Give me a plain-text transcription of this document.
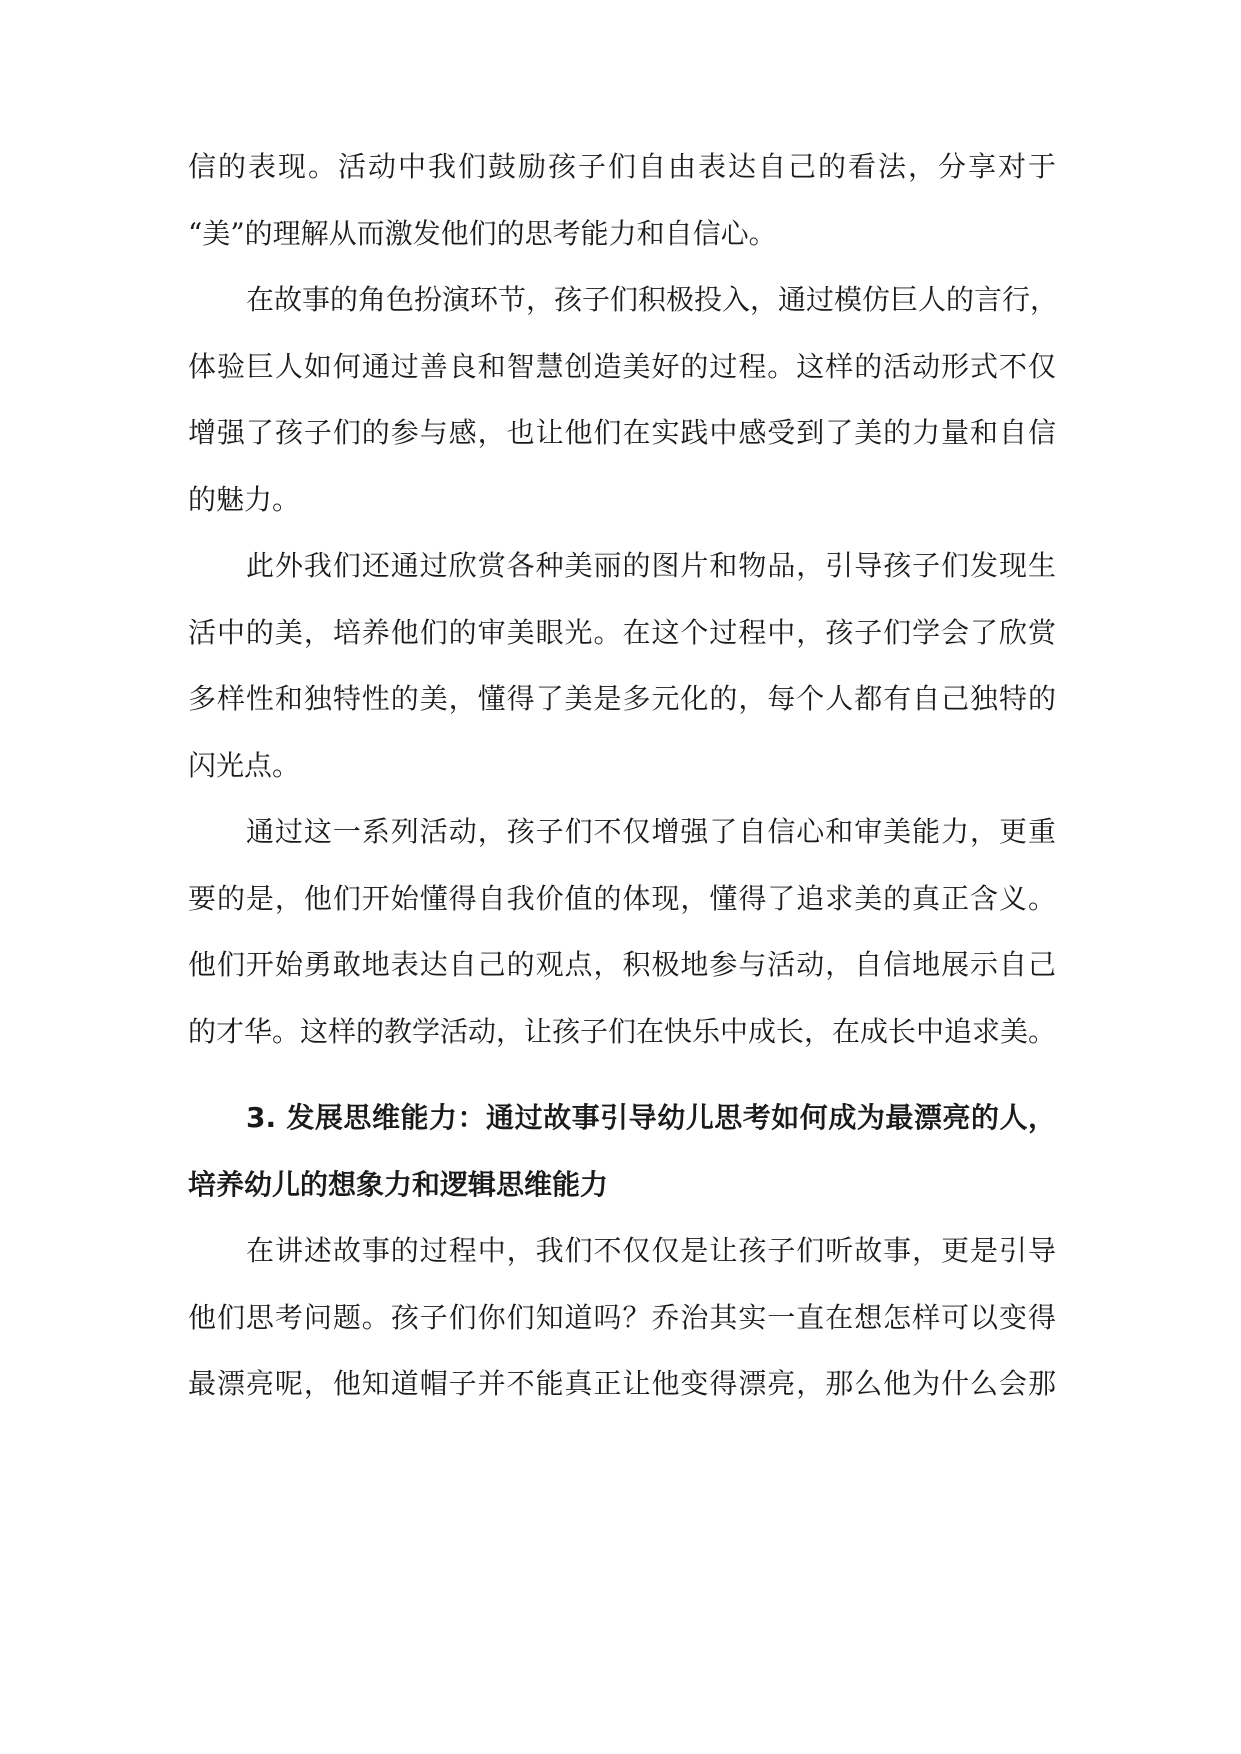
信的表现。活动中我们鼓励孩子们自由表达自己的看法，分享对于
“美”的理解从而激发他们的思考能力和自信心。
在故事的角色扮演环节，孩子们积极投入，通过模仿巨人的言行，
体验巨人如何通过善良和智慧创造美好的过程。这样的活动形式不仅
增强了孩子们的参与感，也让他们在实践中感受到了美的力量和自信
的魅力。
此外我们还通过欣赏各种美丽的图片和物品，引导孩子们发现生
活中的美，培养他们的审美眼光。在这个过程中，孩子们学会了欣赏
多样性和独特性的美，懂得了美是多元化的，每个人都有自己独特的
闪光点。
通过这一系列活动，孩子们不仅增强了自信心和审美能力，更重
要的是，他们开始懂得自我价值的体现，懂得了追求美的真正含义。
他们开始勇敢地表达自己的观点，积极地参与活动，自信地展示自己
的才华。这样的教学活动，让孩子们在快乐中成长，在成长中追求美。
3. 发展思维能力：通过故事引导幼儿思考如何成为最漂亮的人，
培养幼儿的想象力和逻辑思维能力
在讲述故事的过程中，我们不仅仅是让孩子们听故事，更是引导
他们思考问题。孩子们你们知道吗？乔治其实一直在想怎样可以变得
最漂亮呢，他知道帽子并不能真正让他变得漂亮，那么他为什么会那
